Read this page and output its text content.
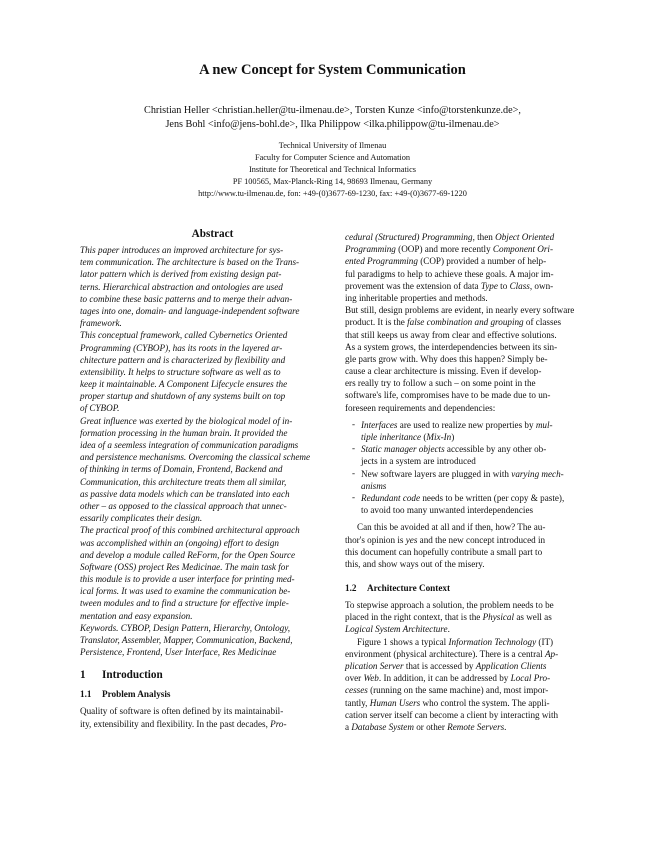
A new Concept for System Communication
Christian Heller <christian.heller@tu-ilmenau.de>, Torsten Kunze <info@torstenkunze.de>,
Jens Bohl <info@jens-bohl.de>, Ilka Philippow <ilka.philippow@tu-ilmenau.de>
Technical University of Ilmenau
Faculty for Computer Science and Automation
Institute for Theoretical and Technical Informatics
PF 100565, Max-Planck-Ring 14, 98693 Ilmenau, Germany
http://www.tu-ilmenau.de, fon: +49-(0)3677-69-1230, fax: +49-(0)3677-69-1220
Abstract
This paper introduces an improved architecture for sys-
tem communication. The architecture is based on the Trans-
lator pattern which is derived from existing design pat-
terns. Hierarchical abstraction and ontologies are used
to combine these basic patterns and to merge their advan-
tages into one, domain- and language-independent software
framework.
This conceptual framework, called Cybernetics Oriented
Programming (CYBOP), has its roots in the layered ar-
chitecture pattern and is characterized by flexibility and
extensibility. It helps to structure software as well as to
keep it maintainable. A Component Lifecycle ensures the
proper startup and shutdown of any systems built on top
of CYBOP.
Great influence was exerted by the biological model of in-
formation processing in the human brain. It provided the
idea of a seemless integration of communication paradigms
and persistence mechanisms. Overcoming the classical scheme
of thinking in terms of Domain, Frontend, Backend and
Communication, this architecture treats them all similar,
as passive data models which can be translated into each
other – as opposed to the classical approach that unnec-
essarily complicates their design.
The practical proof of this combined architectural approach
was accomplished within an (ongoing) effort to design
and develop a module called ReForm, for the Open Source
Software (OSS) project Res Medicinae. The main task for
this module is to provide a user interface for printing med-
ical forms. It was used to examine the communication be-
tween modules and to find a structure for effective imple-
mentation and easy expansion.
Keywords. CYBOP, Design Pattern, Hierarchy, Ontology,
Translator, Assembler, Mapper, Communication, Backend,
Persistence, Frontend, User Interface, Res Medicinae
1 Introduction
1.1 Problem Analysis
Quality of software is often defined by its maintainabil-
ity, extensibility and flexibility. In the past decades, Pro-
cedural (Structured) Programming, then Object Oriented
Programming (OOP) and more recently Component Ori-
ented Programming (COP) provided a number of help-
ful paradigms to help to achieve these goals. A major im-
provement was the extension of data Type to Class, own-
ing inheritable properties and methods.
But still, design problems are evident, in nearly every software
product. It is the false combination and grouping of classes
that still keeps us away from clear and effective solutions.
As a system grows, the interdependencies between its sin-
gle parts grow with. Why does this happen? Simply be-
cause a clear architecture is missing. Even if develop-
ers really try to follow a such – on some point in the
software's life, compromises have to be made due to un-
foreseen requirements and dependencies:
- Interfaces are used to realize new properties by mul-
tiple inheritance (Mix-In)
- Static manager objects accessible by any other ob-
jects in a system are introduced
- New software layers are plugged in with varying mech-
anisms
- Redundant code needs to be written (per copy & paste),
to avoid too many unwanted interdependencies
Can this be avoided at all and if then, how? The au-
thor's opinion is yes and the new concept introduced in
this document can hopefully contribute a small part to
this, and show ways out of the misery.
1.2 Architecture Context
To stepwise approach a solution, the problem needs to be
placed in the right context, that is the Physical as well as
Logical System Architecture.
Figure 1 shows a typical Information Technology (IT)
environment (physical architecture). There is a central Ap-
plication Server that is accessed by Application Clients
over Web. In addition, it can be addressed by Local Pro-
cesses (running on the same machine) and, most impor-
tantly, Human Users who control the system. The appli-
cation server itself can become a client by interacting with
a Database System or other Remote Servers.
